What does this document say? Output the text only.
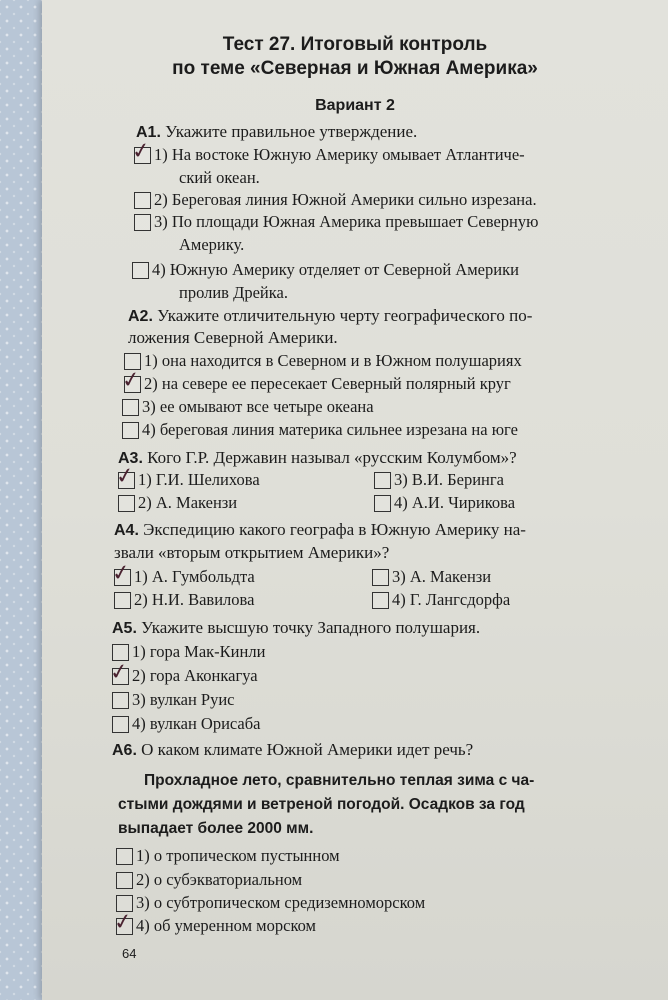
Тест 27. Итоговый контроль
по теме «Северная и Южная Америка»
Вариант 2
А1. Укажите правильное утверждение.
✓ 1) На востоке Южную Америку омывает Атлантиче-
ский океан.
2) Береговая линия Южной Америки сильно изрезана.
3) По площади Южная Америка превышает Северную
Америку.
4) Южную Америку отделяет от Северной Америки
пролив Дрейка.
А2. Укажите отличительную черту географического по-
ложения Северной Америки.
1) она находится в Северном и в Южном полушариях
✓ 2) на севере ее пересекает Северный полярный круг
3) ее омывают все четыре океана
4) береговая линия материка сильнее изрезана на юге
А3. Кого Г.Р. Державин называл «русским Колумбом»?
✓ 1) Г.И. Шелихова	3) В.И. Беринга
2) А. Макензи	4) А.И. Чирикова
А4. Экспедицию какого географа в Южную Америку на-
звали «вторым открытием Америки»?
✓ 1) А. Гумбольдта	3) А. Макензи
2) Н.И. Вавилова	4) Г. Лангсдорфа
А5. Укажите высшую точку Западного полушария.
1) гора Мак-Кинли
✓ 2) гора Аконкагуа
3) вулкан Руис
4) вулкан Орисаба
А6. О каком климате Южной Америки идет речь?
Прохладное лето, сравнительно теплая зима с ча-
стыми дождями и ветреной погодой. Осадков за год
выпадает более 2000 мм.
1) о тропическом пустынном
2) о субэкваториальном
3) о субтропическом средиземноморском
✓ 4) об умеренном морском
64
